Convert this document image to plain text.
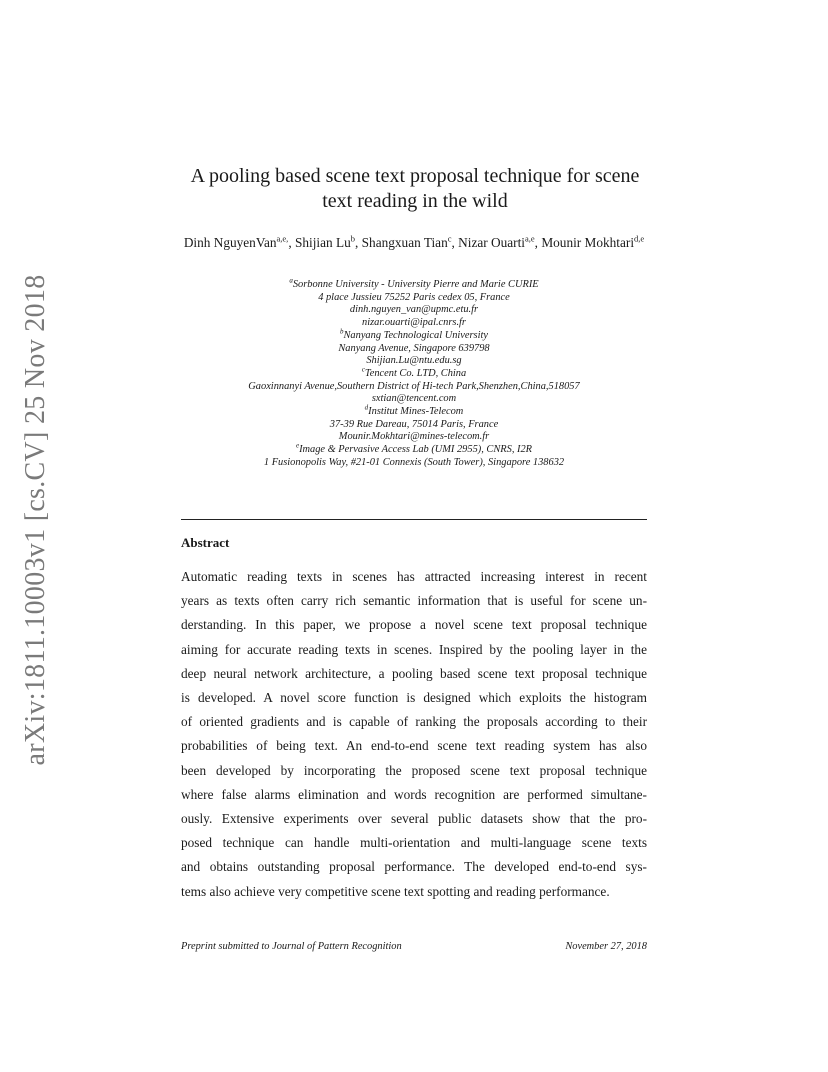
arXiv:1811.10003v1 [cs.CV] 25 Nov 2018
A pooling based scene text proposal technique for scene
text reading in the wild

Dinh NguyenVan$^{a,e,}$, Shijian Lu$^b$, Shangxuan Tian$^c$, Nizar Ouarti$^{a,e}$, Mounir Mokhtari$^{d,e}$

$^a$Sorbonne University - University Pierre and Marie CURIE
4 place Jussieu 75252 Paris cedex 05, France
dinh.nguyen_van@upmc.etu.fr
nizar.ouarti@ipal.cnrs.fr
$^b$Nanyang Technological University
Nanyang Avenue, Singapore 639798
Shijian.Lu@ntu.edu.sg
$^c$Tencent Co. LTD, China
Gaoxinnanyi Avenue,Southern District of Hi-tech Park,Shenzhen,China,518057
sxtian@tencent.com
$^d$Institut Mines-Telecom
37-39 Rue Dareau, 75014 Paris, France
Mounir.Mokhtari@mines-telecom.fr
$^e$Image & Pervasive Access Lab (UMI 2955), CNRS, I2R
1 Fusionopolis Way, #21-01 Connexis (South Tower), Singapore 138632
Abstract

Automatic reading texts in scenes has attracted increasing interest in recent
years as texts often carry rich semantic information that is useful for scene un-
derstanding. In this paper, we propose a novel scene text proposal technique
aiming for accurate reading texts in scenes. Inspired by the pooling layer in the
deep neural network architecture, a pooling based scene text proposal technique
is developed. A novel score function is designed which exploits the histogram
of oriented gradients and is capable of ranking the proposals according to their
probabilities of being text. An end-to-end scene text reading system has also
been developed by incorporating the proposed scene text proposal technique
where false alarms elimination and words recognition are performed simultane-
ously. Extensive experiments over several public datasets show that the pro-
posed technique can handle multi-orientation and multi-language scene texts
and obtains outstanding proposal performance. The developed end-to-end sys-
tems also achieve very competitive scene text spotting and reading performance.

Preprint submitted to Journal of Pattern Recognition	November 27, 2018
